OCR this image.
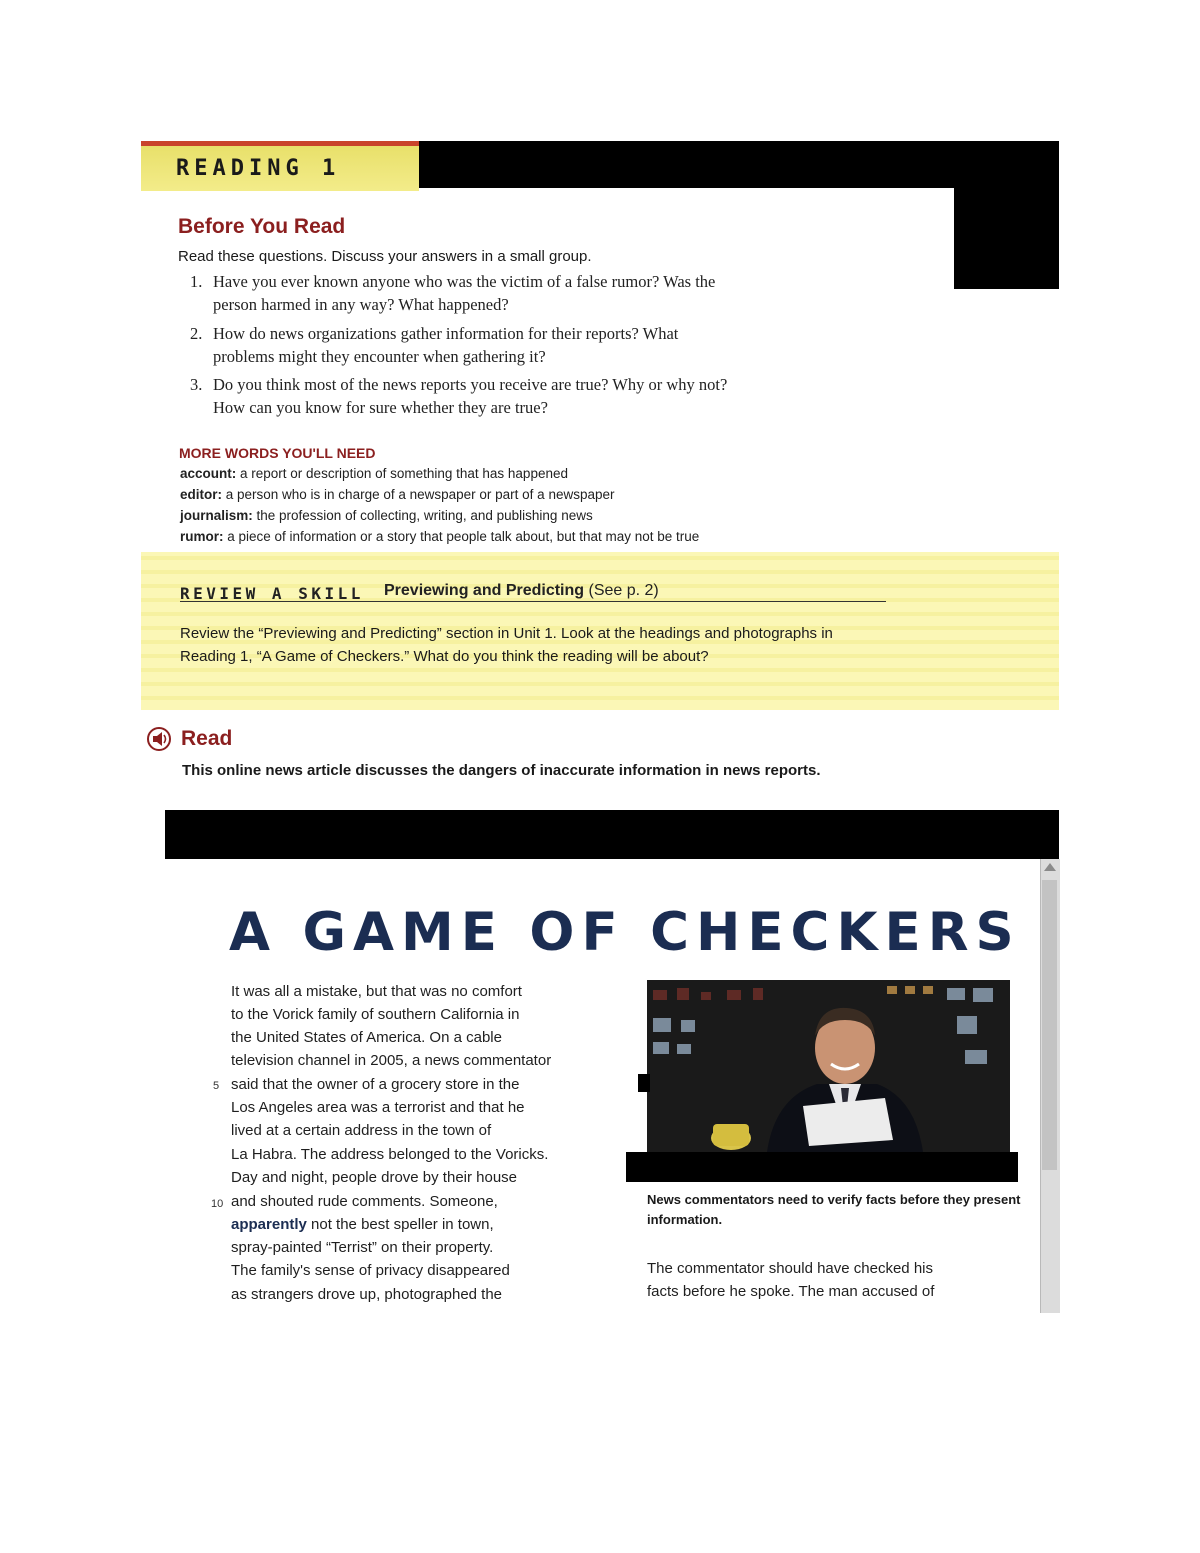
READING 1
Before You Read
Read these questions. Discuss your answers in a small group.
1. Have you ever known anyone who was the victim of a false rumor? Was the
person harmed in any way? What happened?
2. How do news organizations gather information for their reports? What
problems might they encounter when gathering it?
3. Do you think most of the news reports you receive are true? Why or why not?
How can you know for sure whether they are true?
MORE WORDS YOU'LL NEED
account: a report or description of something that has happened
editor: a person who is in charge of a newspaper or part of a newspaper
journalism: the profession of collecting, writing, and publishing news
rumor: a piece of information or a story that people talk about, but that may not be true
REVIEW A SKILL Previewing and Predicting (See p. 2)
Review the “Previewing and Predicting” section in Unit 1. Look at the headings and photographs in Reading 1, “A Game of Checkers.” What do you think the reading will be about?
Read
This online news article discusses the dangers of inaccurate information in news reports.
A GAME OF CHECKERS
It was all a mistake, but that was no comfort
to the Vorick family of southern California in
the United States of America. On a cable
television channel in 2005, a news commentator
5 said that the owner of a grocery store in the
Los Angeles area was a terrorist and that he
lived at a certain address in the town of
La Habra. The address belonged to the Voricks.
Day and night, people drove by their house
10 and shouted rude comments. Someone,
apparently not the best speller in town,
spray-painted “Terrist” on their property.
The family's sense of privacy disappeared
as strangers drove up, photographed the
News commentators need to verify facts before they present information.
The commentator should have checked his
facts before he spoke. The man accused of
